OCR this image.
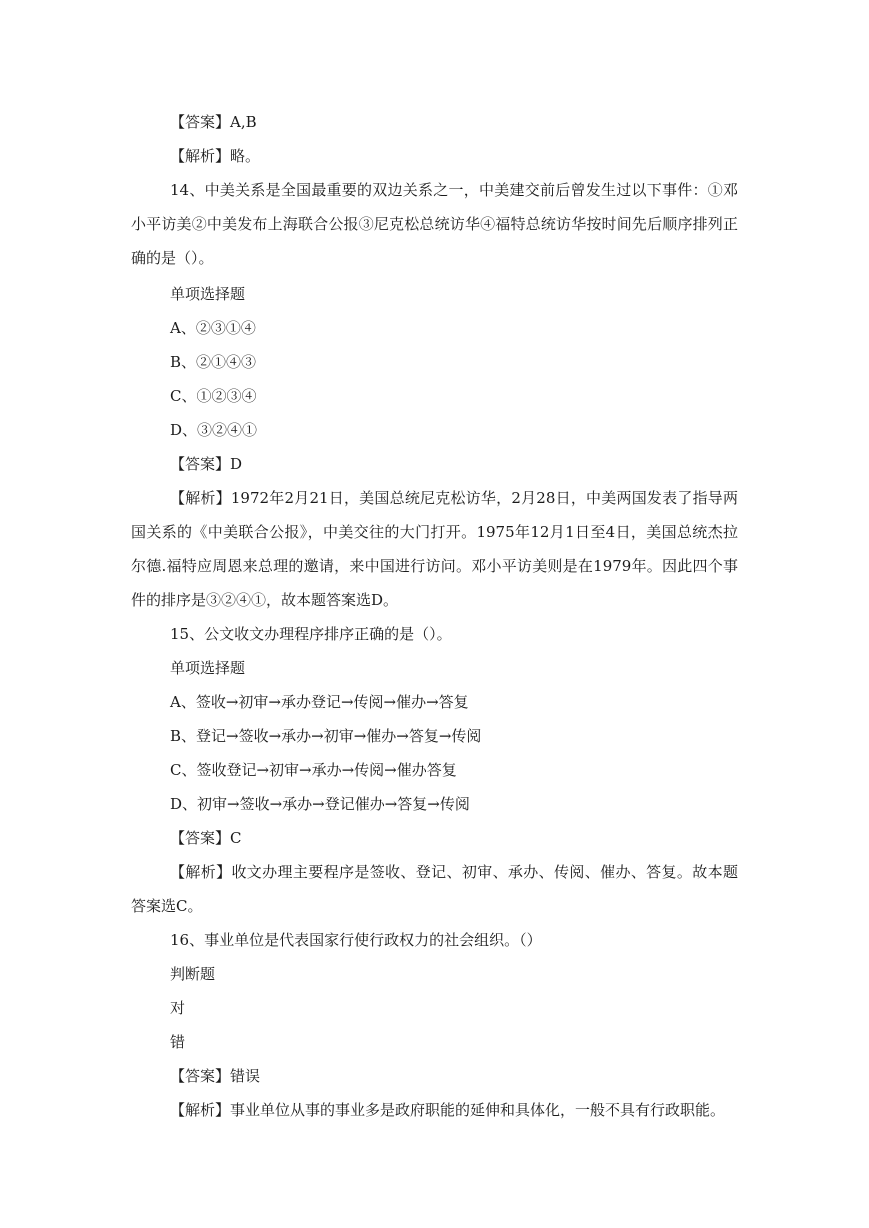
【答案】A,B
【解析】略。
14、中美关系是全国最重要的双边关系之一，中美建交前后曾发生过以下事件：①邓小平访美②中美发布上海联合公报③尼克松总统访华④福特总统访华按时间先后顺序排列正确的是（）。
单项选择题
A、②③①④
B、②①④③
C、①②③④
D、③②④①
【答案】D
【解析】1972年2月21日，美国总统尼克松访华，2月28日，中美两国发表了指导两国关系的《中美联合公报》，中美交往的大门打开。1975年12月1日至4日，美国总统杰拉尔德.福特应周恩来总理的邀请，来中国进行访问。邓小平访美则是在1979年。因此四个事件的排序是③②④①，故本题答案选D。
15、公文收文办理程序排序正确的是（）。
单项选择题
A、签收→初审→承办登记→传阅→催办→答复
B、登记→签收→承办→初审→催办→答复→传阅
C、签收登记→初审→承办→传阅→催办答复
D、初审→签收→承办→登记催办→答复→传阅
【答案】C
【解析】收文办理主要程序是签收、登记、初审、承办、传阅、催办、答复。故本题答案选C。
16、事业单位是代表国家行使行政权力的社会组织。（）
判断题
对
错
【答案】错误
【解析】事业单位从事的事业多是政府职能的延伸和具体化，一般不具有行政职能。
